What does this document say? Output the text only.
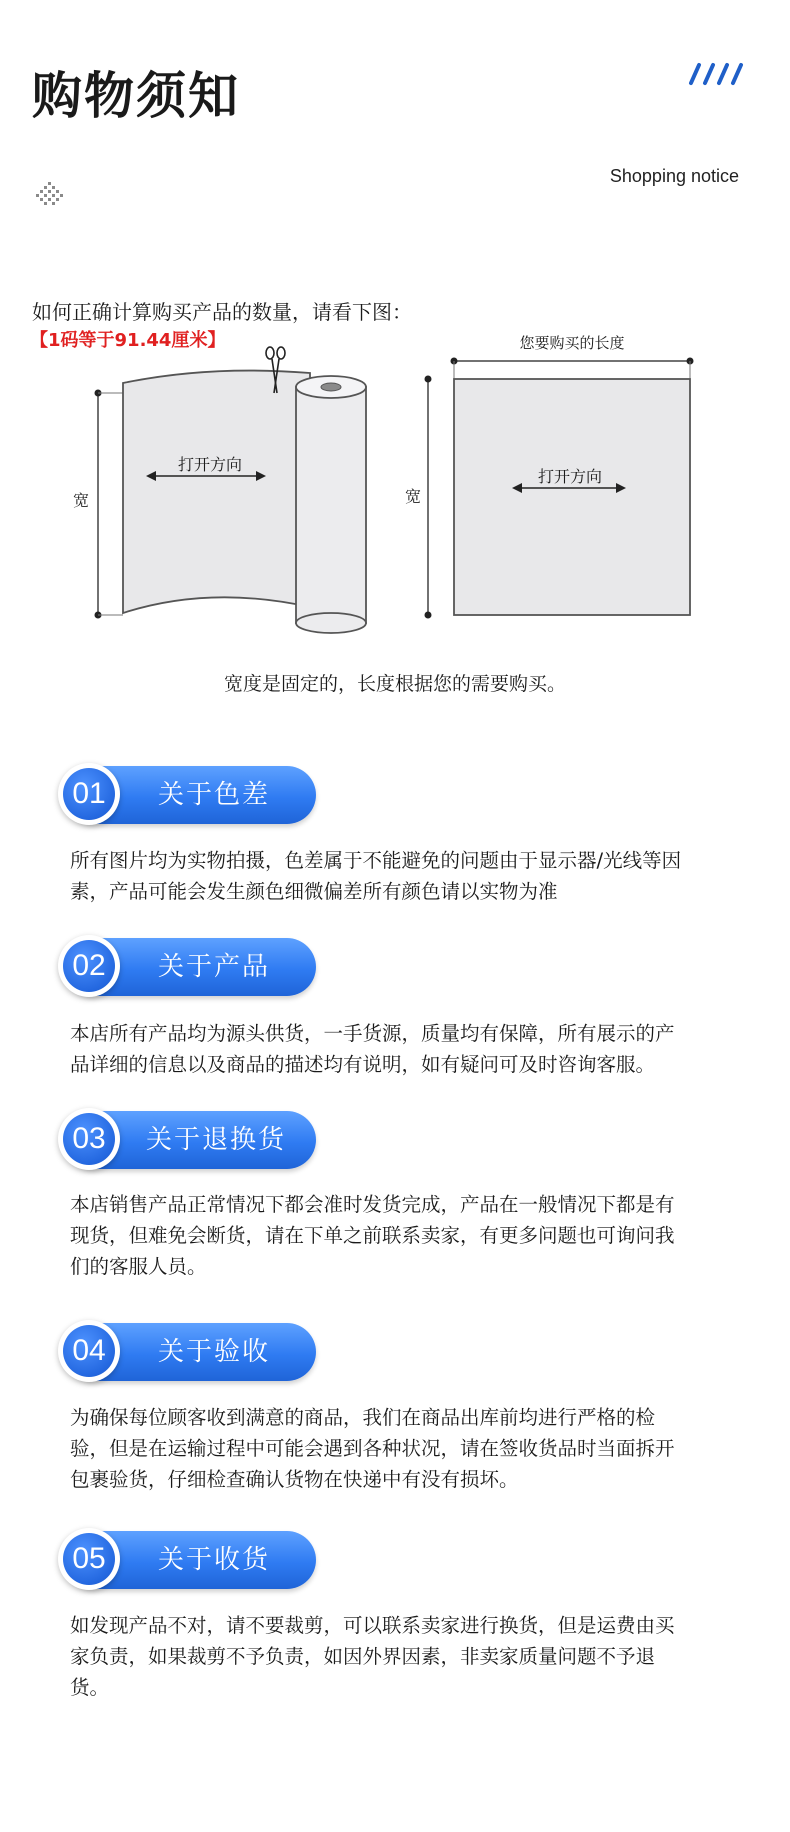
购物须知
Shopping notice
如何正确计算购买产品的数量，请看下图：
【1码等于91.44厘米】
打开方向
宽
您要购买的长度
打开方向
宽
宽度是固定的，长度根据您的需要购买。
01	关于色差
所有图片均为实物拍摄，色差属于不能避免的问题由于显示器/光线等因
素，产品可能会发生颜色细微偏差所有颜色请以实物为准
02	关于产品
本店所有产品均为源头供货，一手货源，质量均有保障，所有展示的产
品详细的信息以及商品的描述均有说明，如有疑问可及时咨询客服。
03	关于退换货
本店销售产品正常情况下都会准时发货完成，产品在一般情况下都是有
现货，但难免会断货，请在下单之前联系卖家，有更多问题也可询问我
们的客服人员。
04	关于验收
为确保每位顾客收到满意的商品，我们在商品出库前均进行严格的检
验，但是在运输过程中可能会遇到各种状况，请在签收货品时当面拆开
包裹验货，仔细检查确认货物在快递中有没有损坏。
05	关于收货
如发现产品不对，请不要裁剪，可以联系卖家进行换货，但是运费由买
家负责，如果裁剪不予负责，如因外界因素，非卖家质量问题不予退
货。
